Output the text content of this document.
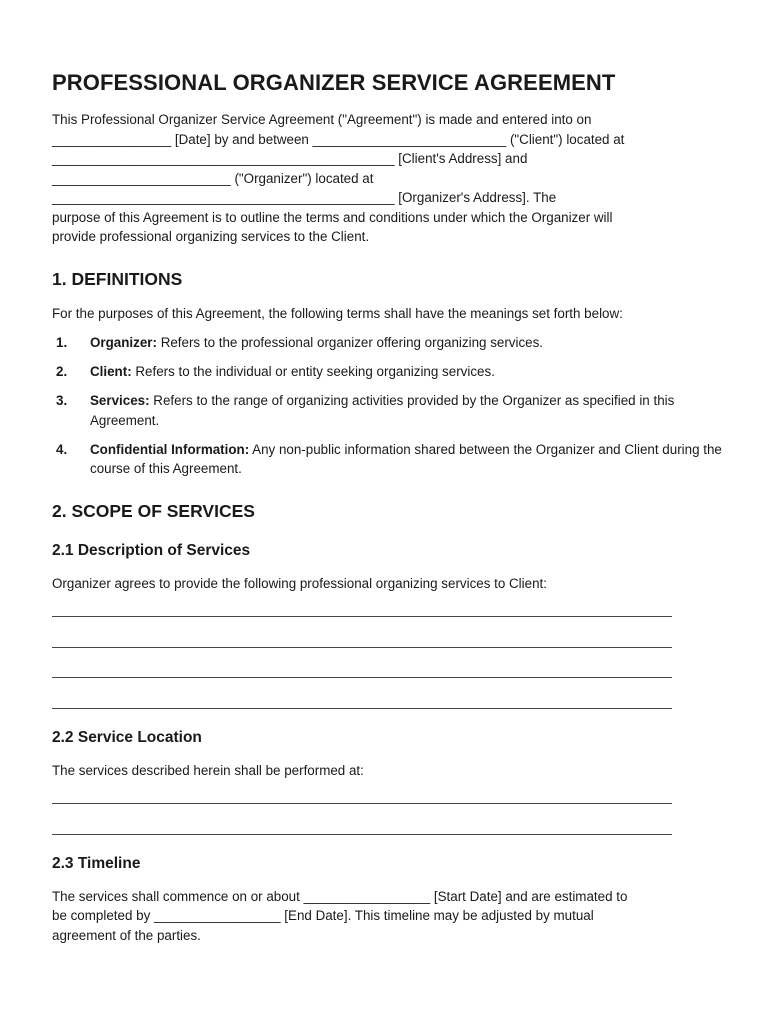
PROFESSIONAL ORGANIZER SERVICE AGREEMENT

This Professional Organizer Service Agreement ("Agreement") is made and entered into on
________________ [Date] by and between __________________________ ("Client") located at
______________________________________________ [Client's Address] and
________________________ ("Organizer") located at
______________________________________________ [Organizer's Address]. The
purpose of this Agreement is to outline the terms and conditions under which the Organizer will
provide professional organizing services to the Client.

1. DEFINITIONS

For the purposes of this Agreement, the following terms shall have the meanings set forth below:

1. Organizer: Refers to the professional organizer offering organizing services.
2. Client: Refers to the individual or entity seeking organizing services.
3. Services: Refers to the range of organizing activities provided by the Organizer as specified in this Agreement.
4. Confidential Information: Any non-public information shared between the Organizer and Client during the course of this Agreement.
2. SCOPE OF SERVICES
2.1 Description of Services

Organizer agrees to provide the following professional organizing services to Client:

2.2 Service Location

The services described herein shall be performed at:

2.3 Timeline

The services shall commence on or about _________________ [Start Date] and are estimated to
be completed by _________________ [End Date]. This timeline may be adjusted by mutual
agreement of the parties.
